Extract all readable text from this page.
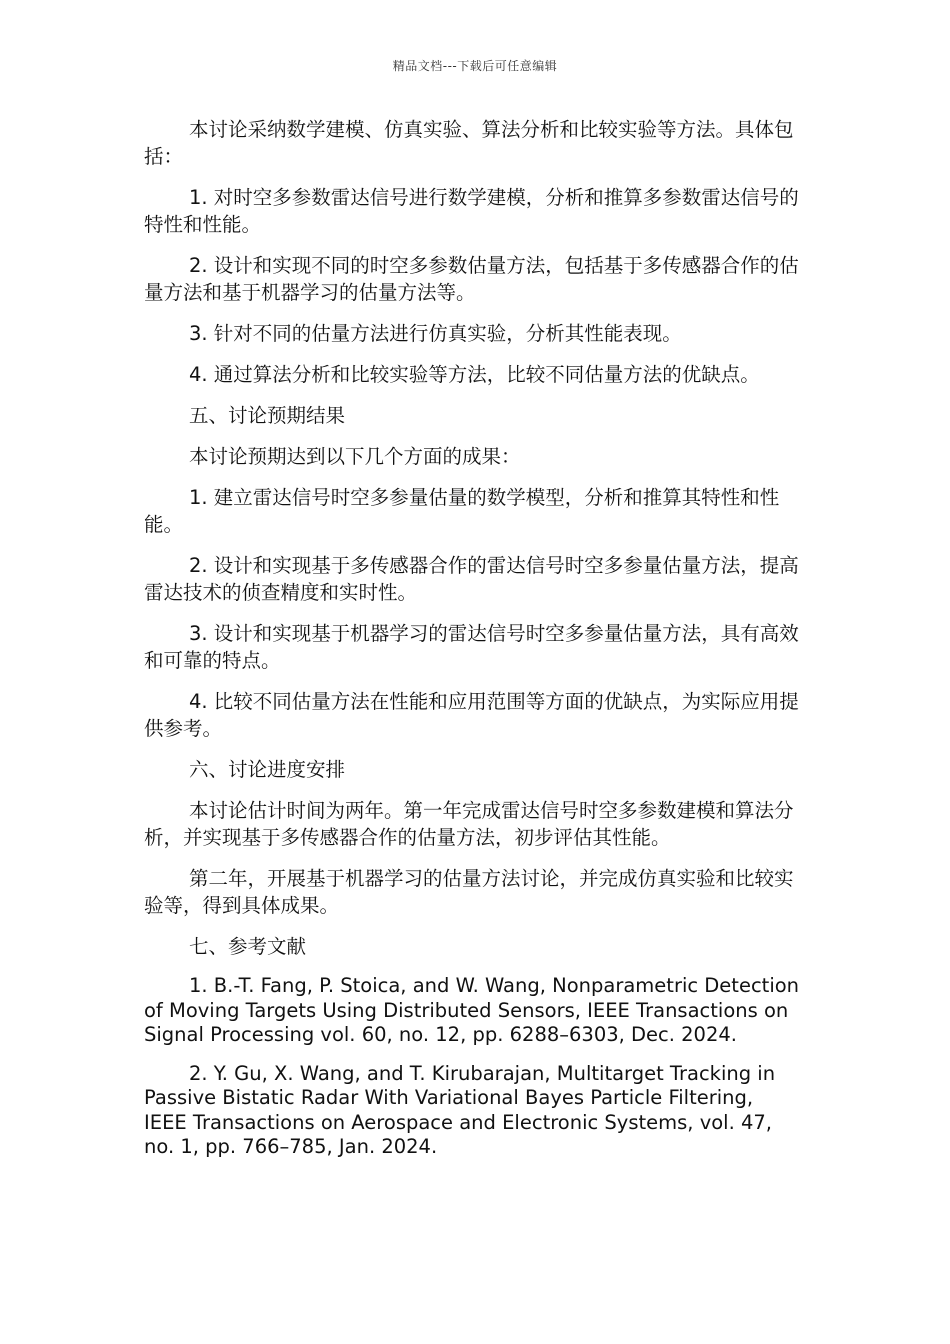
精品文档---下载后可任意编辑

本讨论采纳数学建模、仿真实验、算法分析和比较实验等方法。具体包括：

1. 对时空多参数雷达信号进行数学建模，分析和推算多参数雷达信号的特性和性能。

2. 设计和实现不同的时空多参数估量方法，包括基于多传感器合作的估量方法和基于机器学习的估量方法等。

3. 针对不同的估量方法进行仿真实验，分析其性能表现。

4. 通过算法分析和比较实验等方法，比较不同估量方法的优缺点。

五、讨论预期结果

本讨论预期达到以下几个方面的成果：

1. 建立雷达信号时空多参量估量的数学模型，分析和推算其特性和性能。

2. 设计和实现基于多传感器合作的雷达信号时空多参量估量方法，提高雷达技术的侦查精度和实时性。

3. 设计和实现基于机器学习的雷达信号时空多参量估量方法，具有高效和可靠的特点。

4. 比较不同估量方法在性能和应用范围等方面的优缺点，为实际应用提供参考。

六、讨论进度安排

本讨论估计时间为两年。第一年完成雷达信号时空多参数建模和算法分析，并实现基于多传感器合作的估量方法，初步评估其性能。

第二年，开展基于机器学习的估量方法讨论，并完成仿真实验和比较实验等，得到具体成果。

七、参考文献

1. B.-T. Fang, P. Stoica, and W. Wang, Nonparametric Detection of Moving Targets Using Distributed Sensors, IEEE Transactions on Signal Processing vol. 60, no. 12, pp. 6288–6303, Dec. 2024.

2. Y. Gu, X. Wang, and T. Kirubarajan, Multitarget Tracking in Passive Bistatic Radar With Variational Bayes Particle Filtering, IEEE Transactions on Aerospace and Electronic Systems, vol. 47, no. 1, pp. 766–785, Jan. 2024.
